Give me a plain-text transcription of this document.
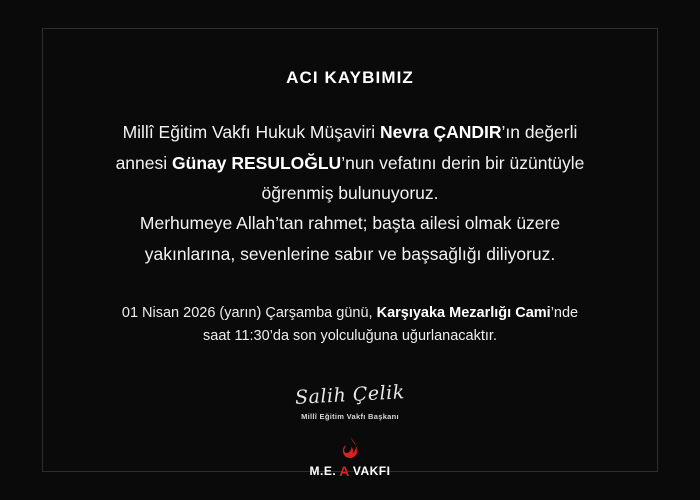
ACI KAYBIMIZ

Millî Eğitim Vakfı Hukuk Müşaviri Nevra ÇANDIR’ın değerli

annesi Günay RESULOĞLU’nun vefatını derin bir üzüntüyle

öğrenmiş bulunuyoruz.

Merhumeye Allah’tan rahmet; başta ailesi olmak üzere

yakınlarına, sevenlerine sabır ve başsağlığı diliyoruz.

01 Nisan 2026 (yarın) Çarşamba günü, Karşıyaka Mezarlığı Cami’nde

saat 11:30’da son yolculuğuna uğurlanacaktır.

Salih Çelik
Millî Eğitim Vakfı Başkanı
M.E. A VAKFI
